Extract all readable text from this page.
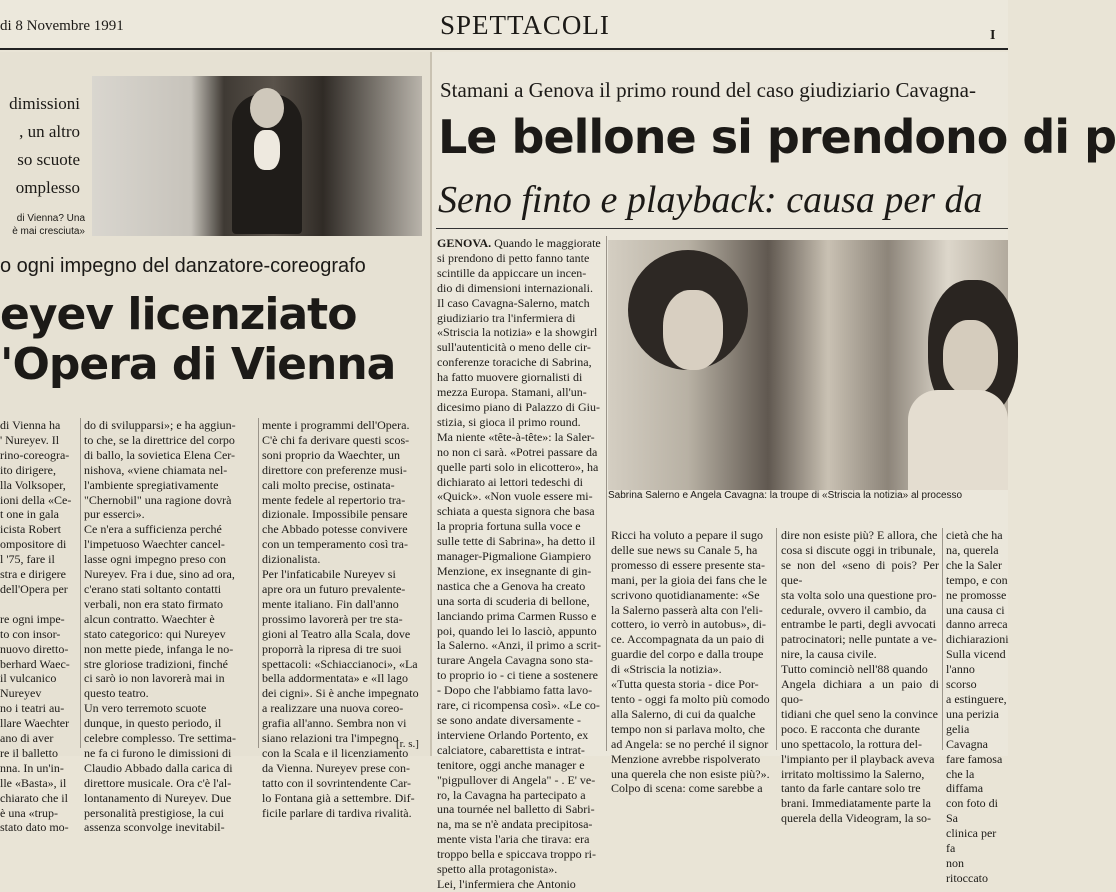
di 8 Novembre 1991	SPETTACOLI	I
dimissioni
, un altro
so scuote
omplesso
di Vienna? Una
è mai cresciuta»
o ogni impegno del danzatore-coreografo
eyev licenziato
'Opera di Vienna
di Vienna ha
' Nureyev. Il
rino-coreogra-
ito dirigere,
lla Volksoper,
ioni della «Ce-
t one in gala
icista Robert
ompositore di
l '75, fare il
stra e dirigere
dell'Opera per

re ogni impe-
to con insor-
nuovo diretto-
berhard Waec-
il vulcanico
Nureyev
no i teatri au-
llare Waechter
ano di aver
re il balletto
nna. In un'in-
lle «Basta», il
chiarato che il
è una «trup-
stato dato mo-
do di svilupparsi»; e ha aggiun-
to che, se la direttrice del corpo
di ballo, la sovietica Elena Cer-
nishova, «viene chiamata nel-
l'ambiente spregiativamente
"Chernobil" una ragione dovrà
pur esserci».
Ce n'era a sufficienza perché
l'impetuoso Waechter cancel-
lasse ogni impegno preso con
Nureyev. Fra i due, sino ad ora,
c'erano stati soltanto contatti
verbali, non era stato firmato
alcun contratto. Waechter è
stato categorico: qui Nureyev
non mette piede, infanga le no-
stre gloriose tradizioni, finché
ci sarò io non lavorerà mai in
questo teatro.
Un vero terremoto scuote
dunque, in questo periodo, il
celebre complesso. Tre settima-
ne fa ci furono le dimissioni di
Claudio Abbado dalla carica di
direttore musicale. Ora c'è l'al-
lontanamento di Nureyev. Due
personalità prestigiose, la cui
assenza sconvolge inevitabil-
mente i programmi dell'Opera.
C'è chi fa derivare questi scos-
soni proprio da Waechter, un
direttore con preferenze musi-
cali molto precise, ostinata-
mente fedele al repertorio tra-
dizionale. Impossibile pensare
che Abbado potesse convivere
con un temperamento così tra-
dizionalista.
Per l'infaticabile Nureyev si
apre ora un futuro prevalente-
mente italiano. Fin dall'anno
prossimo lavorerà per tre sta-
gioni al Teatro alla Scala, dove
proporrà la ripresa di tre suoi
spettacoli: «Schiaccianoci», «La
bella addormentata» e «Il lago
dei cigni». Si è anche impegnato
a realizzare una nuova coreo-
grafia all'anno. Sembra non vi
siano relazioni tra l'impegno
con la Scala e il licenziamento
da Vienna. Nureyev prese con-
tatto con il sovrintendente Car-
lo Fontana già a settembre. Dif-
ficile parlare di tardiva rivalità.
[r. s.]
Stamani a Genova il primo round del caso giudiziario Cavagna-
Le bellone si prendono di p
Seno finto e playback: causa per da
GENOVA. Quando le maggiorate
si prendono di petto fanno tante
scintille da appiccare un incen-
dio di dimensioni internazionali.
Il caso Cavagna-Salerno, match
giudiziario tra l'infermiera di
«Striscia la notizia» e la showgirl
sull'autenticità o meno delle cir-
conferenze toraciche di Sabrina,
ha fatto muovere giornalisti di
mezza Europa. Stamani, all'un-
dicesimo piano di Palazzo di Giu-
stizia, si gioca il primo round.
Ma niente «tête-à-tête»: la Saler-
no non ci sarà. «Potrei passare da
quelle parti solo in elicottero», ha
dichiarato ai lettori tedeschi di
«Quick». «Non vuole essere mi-
schiata a questa signora che basa
la propria fortuna sulla voce e
sulle tette di Sabrina», ha detto il
manager-Pigmalione Giampiero
Menzione, ex insegnante di gin-
nastica che a Genova ha creato
una sorta di scuderia di bellone,
lanciando prima Carmen Russo e
poi, quando lei lo lasciò, appunto
la Salerno. «Anzi, il primo a scrit-
turare Angela Cavagna sono sta-
to proprio io - ci tiene a sostenere
- Dopo che l'abbiamo fatta lavo-
rare, ci ricompensa così». «Le co-
se sono andate diversamente -
interviene Orlando Portento, ex
calciatore, cabarettista e intrat-
tenitore, oggi anche manager e
"pigpullover di Angela" - . E' ve-
ro, la Cavagna ha partecipato a
una tournée nel balletto di Sabri-
na, ma se n'è andata precipitosa-
mente vista l'aria che tirava: era
troppo bella e spiccava troppo ri-
spetto alla protagonista».
Lei, l'infermiera che Antonio
Sabrina Salerno e Angela Cavagna: la troupe di «Striscia la notizia» al processo
Ricci ha voluto a pepare il sugo
delle sue news su Canale 5, ha
promesso di essere presente sta-
mani, per la gioia dei fans che le
scrivono quotidianamente: «Se
la Salerno passerà alta con l'eli-
cottero, io verrò in autobus», di-
ce. Accompagnata da un paio di
guardie del corpo e dalla troupe
di «Striscia la notizia».
«Tutta questa storia - dice Por-
tento - oggi fa molto più comodo
alla Salerno, di cui da qualche
tempo non si parlava molto, che
ad Angela: se no perché il signor
Menzione avrebbe rispolverato
una querela che non esiste più?».
Colpo di scena: come sarebbe a
dire non esiste più? E allora, che
cosa si discute oggi in tribunale,
se non del «seno di pois? Per que-
sta volta solo una questione pro-
cedurale, ovvero il cambio, da
entrambe le parti, degli avvocati
patrocinatori; nelle puntate a ve-
nire, la causa civile.
Tutto cominciò nell'88 quando
Angela dichiara a un paio di quo-
tidiani che quel seno la convince
poco. E racconta che durante
uno spettacolo, la rottura del-
l'impianto per il playback aveva
irritato moltissimo la Salerno,
tanto da farle cantare solo tre
brani. Immediatamente parte la
querela della Videogram, la so-
cietà che ha
na, querela
che la Saler
tempo, e con
ne promosse
una causa ci
danno arreca
dichiarazioni
Sulla vicend
l'anno scorso
a estinguere,
una perizia
gelia Cavagna
fare famosa
che la diffama
con foto di Sa
clinica per fa
non ritoccato
